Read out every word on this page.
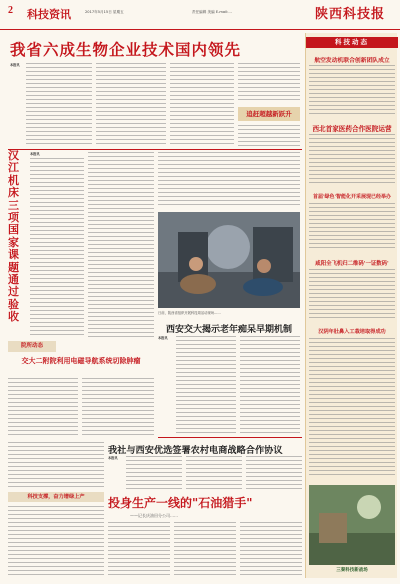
2 科技资讯	2017年5月15日 星期五	责任编辑 美编 E-mail:...	陕西科技报
我省六成生物企业技术国内领先
本报讯
追赶超越新跃升
汉江机床三项国家课题通过验收
本报讯
院所动态
交大二附院利用电磁导航系统切除肿瘤
日前，陕西省组织开展科技周活动现场……
西安交大揭示老年痴呆早期机制
本报讯
我社与西安优选签署农村电商战略合作协议
本报讯
科技支撑，奋力增绿上产	投身生产一线的"石油猎手"
——记长庆油田分公司……
科技动态
航空发动机联合创新团队成立
西北首家医药合作医院运营
首届'绿色'智能化开采展现已经举办
咸阳全飞机归二维码'一证数码'
汉阴年肚鼻入工栽培取得成功
三秦科技新战场
